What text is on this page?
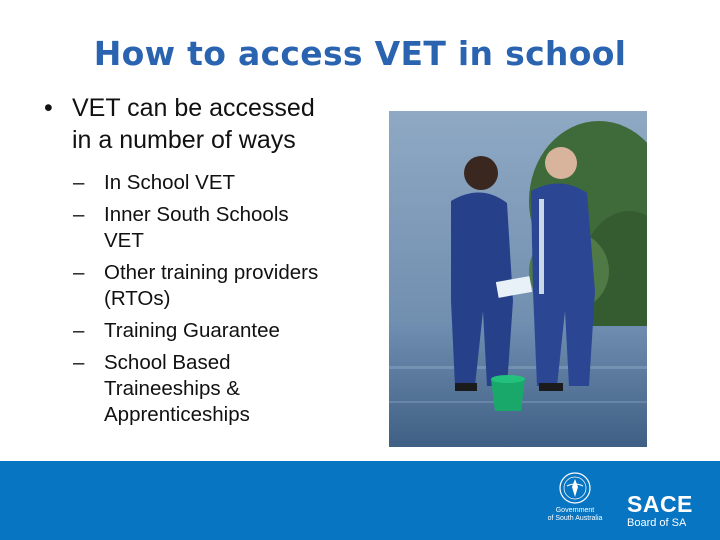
How to access VET in school
• VET can be accessed
in a number of ways
– In School VET
– Inner South Schools
VET
– Other training providers
(RTOs)
– Training Guarantee
– School Based
Traineeships &
Apprenticeships
Government
of South Australia
SACE
Board of SA
